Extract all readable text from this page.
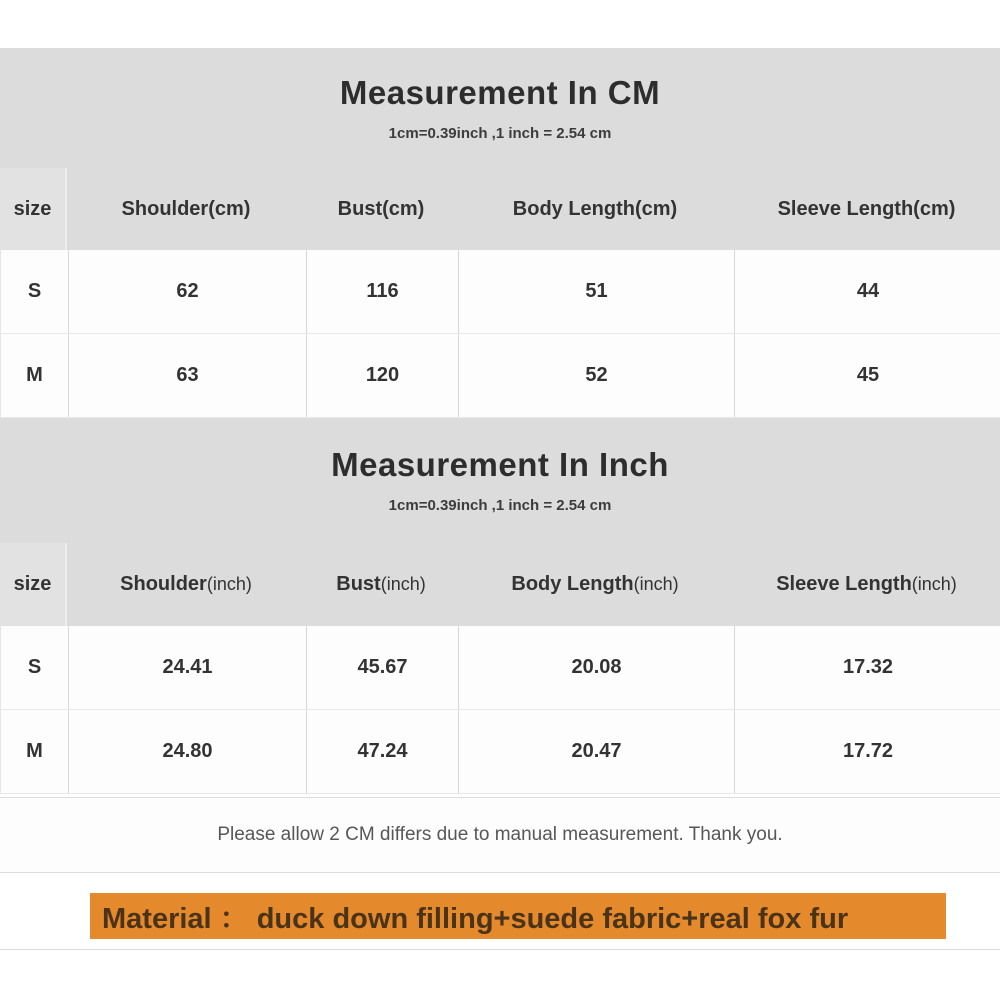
Measurement In CM

1cm=0.39inch ,1 inch = 2.54 cm

size	Shoulder(cm)	Bust(cm)	Body Length(cm)	Sleeve Length(cm)
S	62	116	51	44
M	63	120	52	45
Measurement In Inch

1cm=0.39inch ,1 inch = 2.54 cm

size	Shoulder (inch)	Bust (inch)	Body Length (inch)	Sleeve Length (inch)
S	24.41	45.67	20.08	17.32
M	24.80	47.24	20.47	17.72

Please allow 2 CM differs due to manual measurement. Thank you.

Material ： duck down filling+suede fabric+real fox fur
